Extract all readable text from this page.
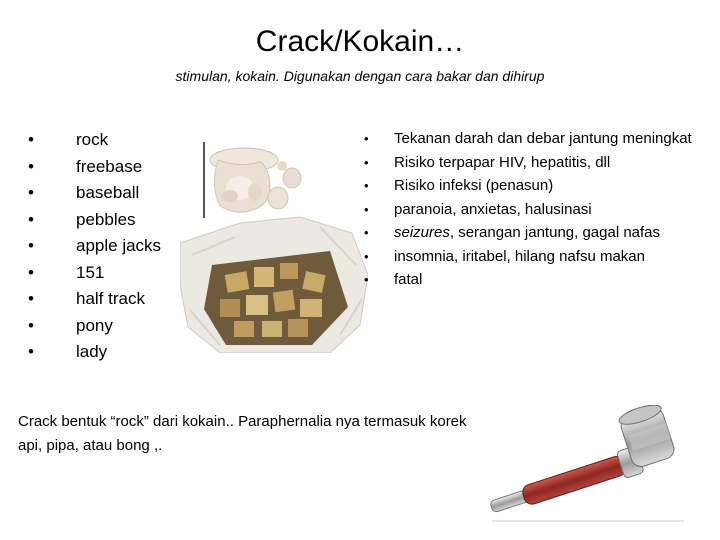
Crack/Kokain…
stimulan, kokain. Digunakan dengan cara bakar dan dihirup
• rock
• freebase
• baseball
• pebbles
• apple jacks
• 151
• half track
• pony
• lady
• Tekanan darah dan debar jantung meningkat
• Risiko terpapar HIV, hepatitis, dll
• Risiko infeksi (penasun)
• paranoia, anxietas, halusinasi
• seizures, serangan jantung, gagal nafas
• insomnia, iritabel, hilang nafsu makan
• fatal
Crack bentuk “rock” dari kokain.. Paraphernalia nya termasuk korek api, pipa, atau bong ,.
